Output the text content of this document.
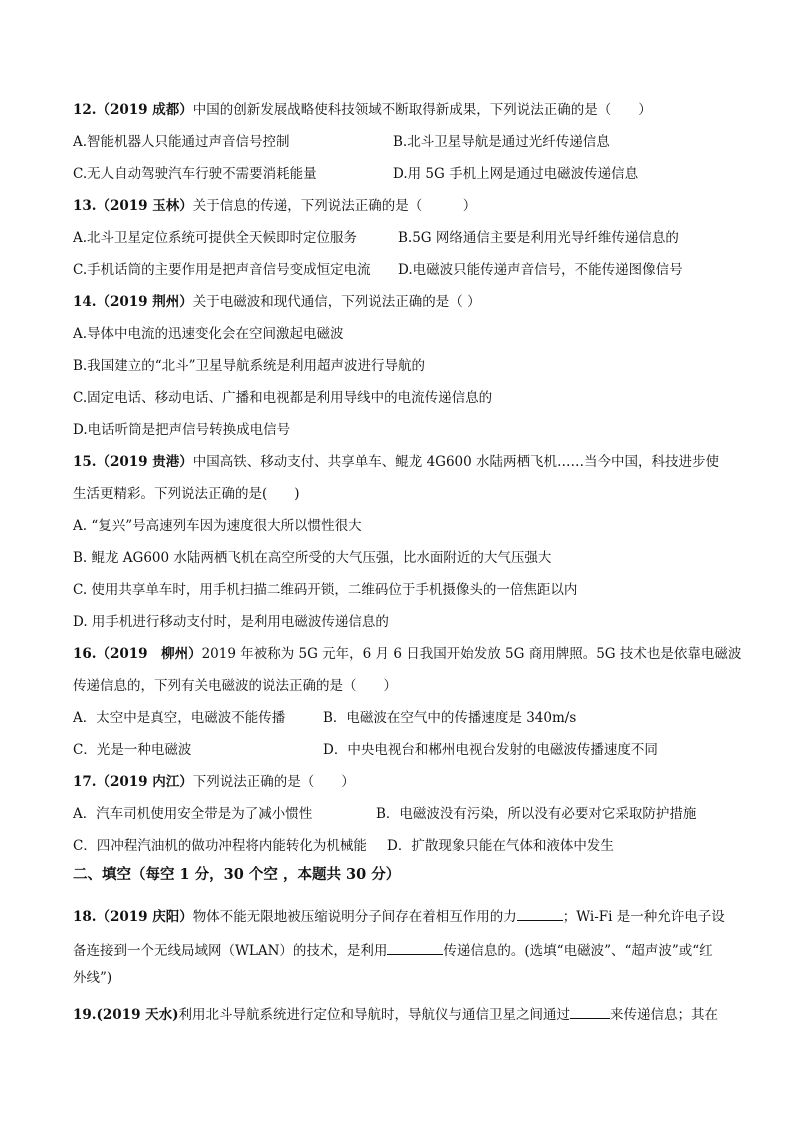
12.（2019 成都）中国的创新发展战略使科技领域不断取得新成果，下列说法正确的是（　　）
A.智能机器人只能通过声音信号控制	B.北斗卫星导航是通过光纤传递信息
C.无人自动驾驶汽车行驶不需要消耗能量	D.用 5G 手机上网是通过电磁波传递信息
13.（2019 玉林）关于信息的传递，下列说法正确的是（　　　）
A.北斗卫星定位系统可提供全天候即时定位服务	B.5G 网络通信主要是利用光导纤维传递信息的
C.手机话筒的主要作用是把声音信号变成恒定电流 D.电磁波只能传递声音信号，不能传递图像信号
14.（2019 荆州）关于电磁波和现代通信，下列说法正确的是（ ）
A.导体中电流的迅速变化会在空间激起电磁波
B.我国建立的“北斗”卫星导航系统是利用超声波进行导航的
C.固定电话、移动电话、广播和电视都是利用导线中的电流传递信息的
D.电话听筒是把声信号转换成电信号
15.（2019 贵港）中国高铁、移动支付、共享单车、鲲龙 4G600 水陆两栖飞机……当今中国，科技进步使
生活更精彩。下列说法正确的是(　　)
A. “复兴”号高速列车因为速度很大所以惯性很大
B. 鲲龙 AG600 水陆两栖飞机在高空所受的大气压强，比水面附近的大气压强大
C. 使用共享单车时，用手机扫描二维码开锁，二维码位于手机摄像头的一倍焦距以内
D. 用手机进行移动支付时，是利用电磁波传递信息的
16.（2019　柳州）2019 年被称为 5G 元年，6 月 6 日我国开始发放 5G 商用牌照。5G 技术也是依靠电磁波
传递信息的，下列有关电磁波的说法正确的是（　　）
A．太空中是真空，电磁波不能传播	B．电磁波在空气中的传播速度是 340m/s
C．光是一种电磁波	D．中央电视台和郴州电视台发射的电磁波传播速度不同
17.（2019 内江）下列说法正确的是（　　）
A．汽车司机使用安全带是为了减小惯性	B．电磁波没有污染，所以没有必要对它采取防护措施
C．四冲程汽油机的做功冲程将内能转化为机械能 D．扩散现象只能在气体和液体中发生
二、填空（每空 1 分，30 个空 ，本题共 30 分）
18.（2019 庆阳）物体不能无限地被压缩说明分子间存在着相互作用的力	；Wi-Fi 是一种允许电子设
备连接到一个无线局域网（WLAN）的技术，是利用	传递信息的。(选填“电磁波”、“超声波”或“红
外线”)
19.(2019 天水)利用北斗导航系统进行定位和导航时，导航仪与通信卫星之间通过	来传递信息；其在
